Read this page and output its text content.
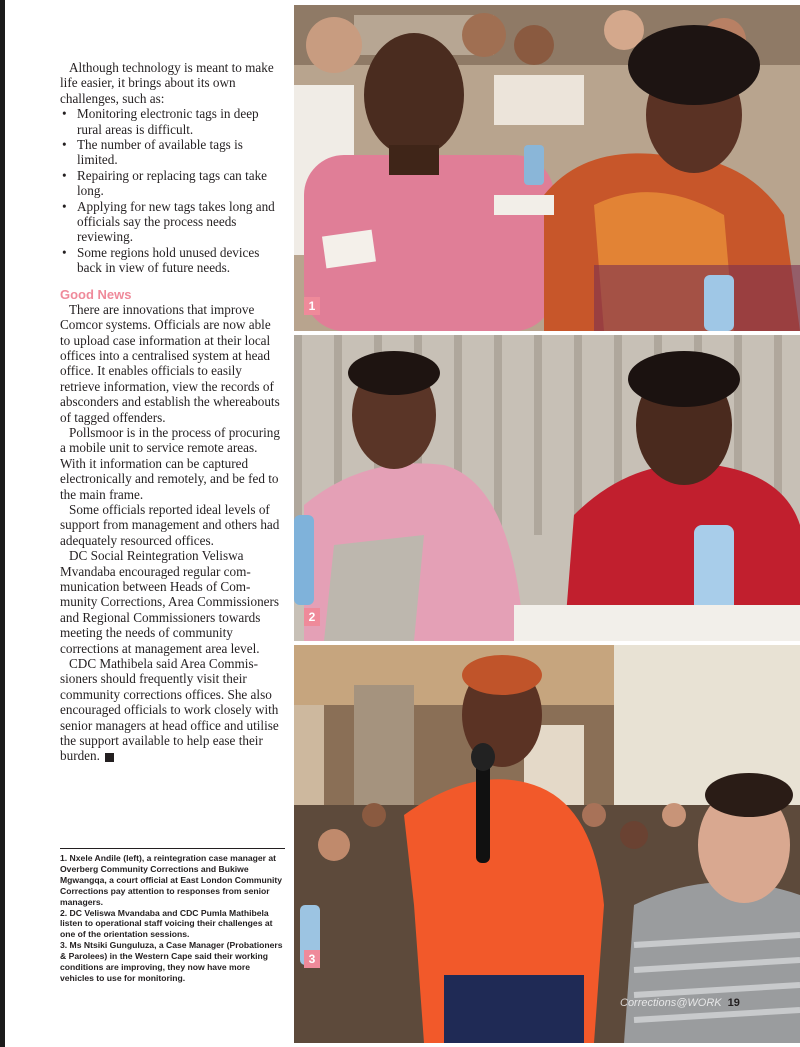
Although technology is meant to make life easier, it brings about its own challenges, such as:

• Monitoring electronic tags in deep rural areas is difficult.
• The number of available tags is limited.
• Repairing or replacing tags can take long.
• Applying for new tags takes long and officials say the process needs reviewing.
• Some regions hold unused devices back in view of future needs.
Good News

There are innovations that improve Comcor systems. Officials are now able to upload case information at their local offices into a centralised system at head office. It enables officials to easily retrieve information, view the records of absconders and establish the whereabouts of tagged offenders.

Pollsmoor is in the process of procuring a mobile unit to service remote areas. With it information can be captured electronically and remotely, and be fed to the main frame.

Some officials reported ideal levels of support from management and others had adequately resourced offices.

DC Social Reintegration Veliswa Mvandaba encouraged regular communication between Heads of Community Corrections, Area Commissioners and Regional Commissioners towards meeting the needs of community corrections at management area level.

CDC Mathibela said Area Commissioners should frequently visit their community corrections offices. She also encouraged officials to work closely with senior managers at head office and utilise the support available to help ease their burden. C

1. Nxele Andile (left), a reintegration case manager at Overberg Community Corrections and Bukiwe Mgwangqa, a court official at East London Community Corrections pay attention to responses from senior managers.

2. DC Veliswa Mvandaba and CDC Pumla Mathibela listen to operational staff voicing their challenges at one of the orientation sessions.

3. Ms Ntsiki Gunguluza, a Case Manager (Probationers & Parolees) in the Western Cape said their working conditions are improving, they now have more vehicles to use for monitoring.

1
2
3
Corrections@WORK 19
